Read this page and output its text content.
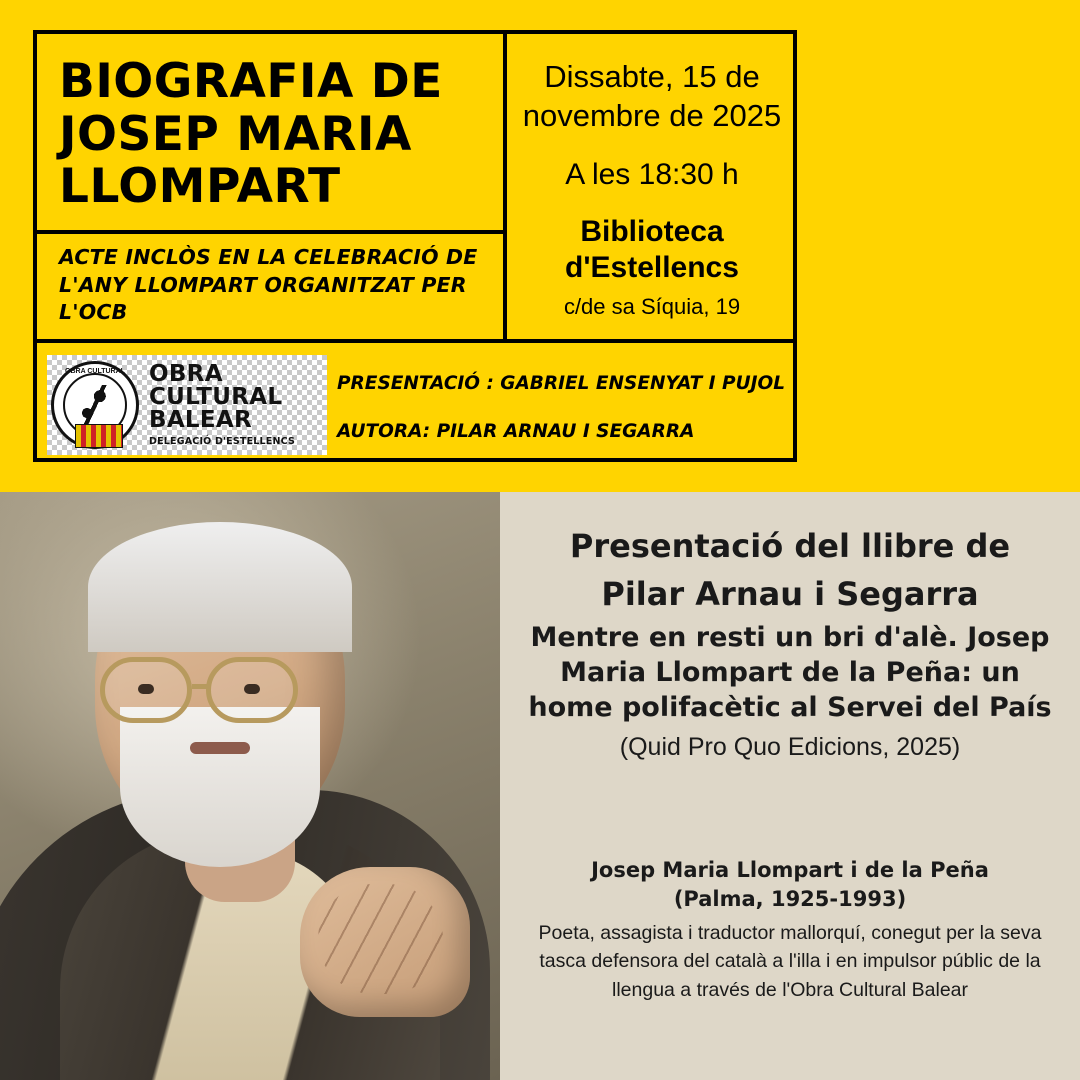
BIOGRAFIA DE JOSEP MARIA LLOMPART
ACTE INCLÒS EN LA CELEBRACIÓ DE L'ANY LLOMPART ORGANITZAT PER L'OCB
Dissabte, 15 de novembre de 2025
A les 18:30 h
Biblioteca d'Estellencs
c/de sa Síquia, 19
OBRA CULTURAL OBRA
CULTURAL
BALEAR
DELEGACIÓ D'ESTELLENCS
PRESENTACIÓ : GABRIEL ENSENYAT I PUJOL
AUTORA: PILAR ARNAU I SEGARRA
Presentació del llibre de
Pilar Arnau i Segarra
Mentre en resti un bri d'alè. Josep Maria Llompart de la Peña: un home polifacètic al Servei del País
(Quid Pro Quo Edicions, 2025)
Josep Maria Llompart i de la Peña
(Palma, 1925-1993)
Poeta, assagista i traductor mallorquí, conegut per la seva tasca defensora del català a l'illa i en impulsor públic de la llengua a través de l'Obra Cultural Balear
